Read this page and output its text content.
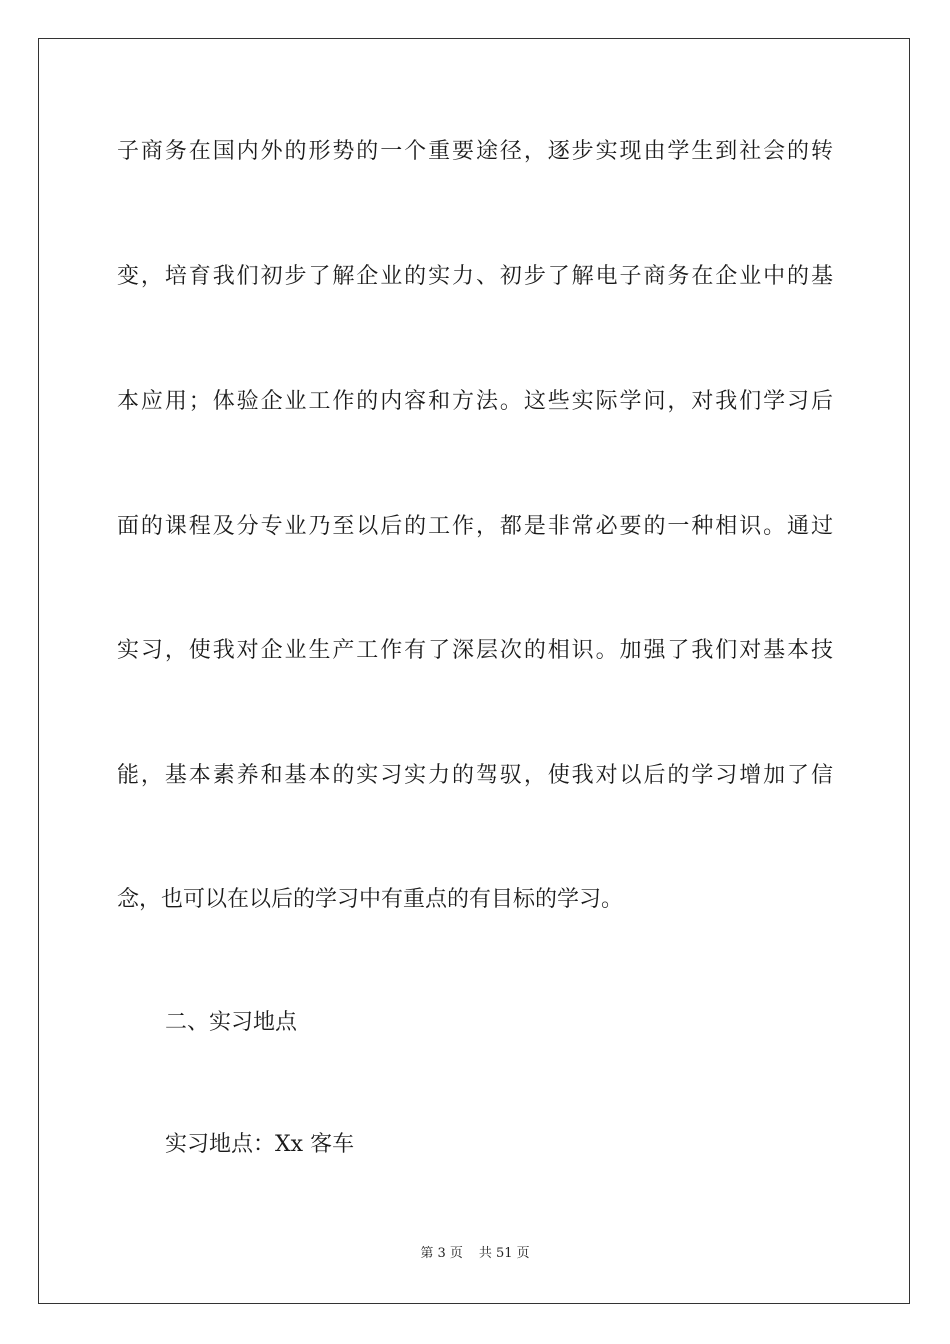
子商务在国内外的形势的一个重要途径，逐步实现由学生到社会的转
变，培育我们初步了解企业的实力、初步了解电子商务在企业中的基
本应用；体验企业工作的内容和方法。这些实际学问，对我们学习后
面的课程及分专业乃至以后的工作，都是非常必要的一种相识。通过
实习，使我对企业生产工作有了深层次的相识。加强了我们对基本技
能，基本素养和基本的实习实力的驾驭，使我对以后的学习增加了信
念，也可以在以后的学习中有重点的有目标的学习。
二、实习地点
实习地点：Xx 客车
第 3 页 共 51 页
